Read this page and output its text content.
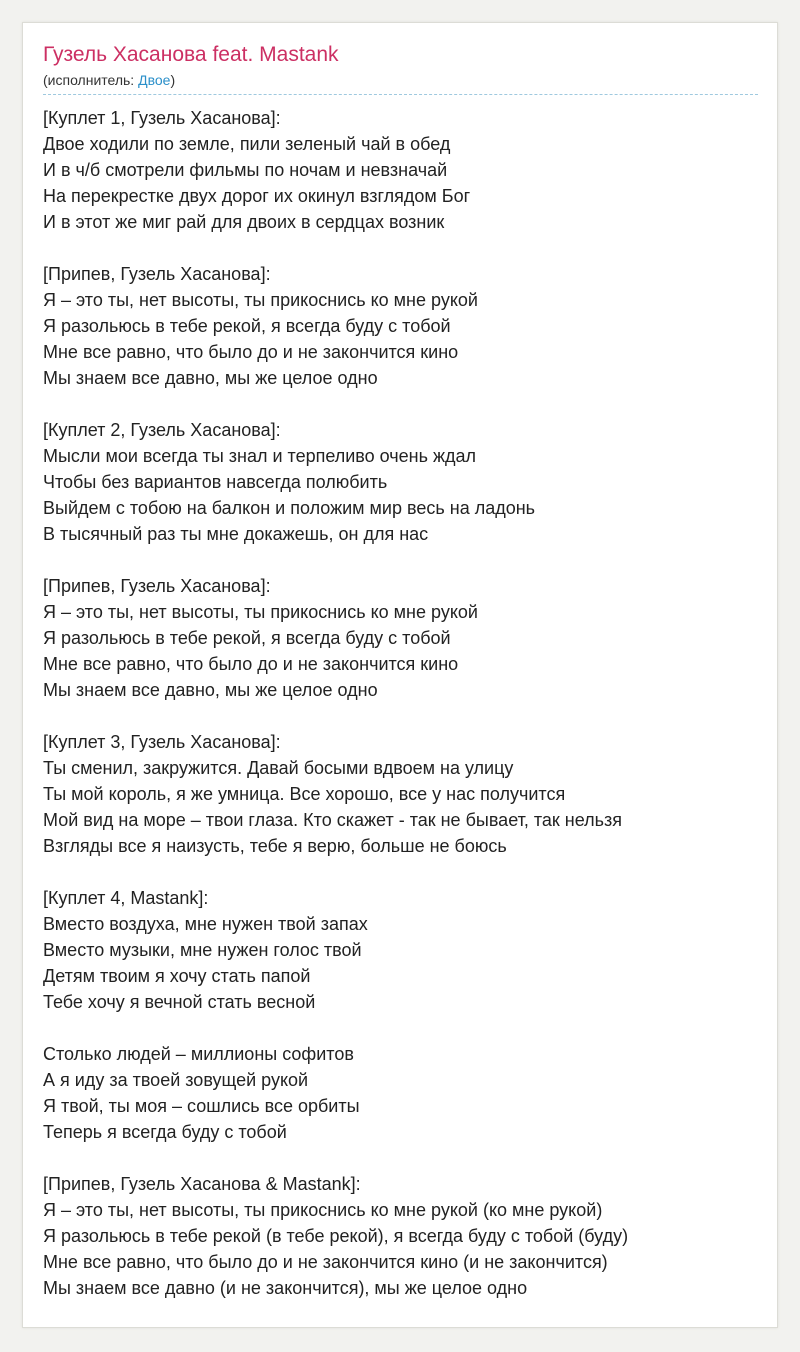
Гузель Хасанова feat. Mastank
(исполнитель: Двое)
[Куплет 1, Гузель Хасанова]:
Двое ходили по земле, пили зеленый чай в обед
И в ч/б смотрели фильмы по ночам и невзначай
На перекрестке двух дорог их окинул взглядом Бог
И в этот же миг рай для двоих в сердцах возник
[Припев, Гузель Хасанова]:
Я – это ты, нет высоты, ты прикоснись ко мне рукой
Я разольюсь в тебе рекой, я всегда буду с тобой
Мне все равно, что было до и не закончится кино
Мы знаем все давно, мы же целое одно
[Куплет 2, Гузель Хасанова]:
Мысли мои всегда ты знал и терпеливо очень ждал
Чтобы без вариантов навсегда полюбить
Выйдем с тобою на балкон и положим мир весь на ладонь
В тысячный раз ты мне докажешь, он для нас
[Припев, Гузель Хасанова]:
Я – это ты, нет высоты, ты прикоснись ко мне рукой
Я разольюсь в тебе рекой, я всегда буду с тобой
Мне все равно, что было до и не закончится кино
Мы знаем все давно, мы же целое одно
[Куплет 3, Гузель Хасанова]:
Ты сменил, закружится. Давай босыми вдвоем на улицу
Ты мой король, я же умница. Все хорошо, все у нас получится
Мой вид на море – твои глаза. Кто скажет - так не бывает, так нельзя
Взгляды все я наизусть, тебе я верю, больше не боюсь
[Куплет 4, Mastank]:
Вместо воздуха, мне нужен твой запах
Вместо музыки, мне нужен голос твой
Детям твоим я хочу стать папой
Тебе хочу я вечной стать весной
Столько людей – миллионы софитов
А я иду за твоей зовущей рукой
Я твой, ты моя – сошлись все орбиты
Теперь я всегда буду с тобой
[Припев, Гузель Хасанова & Mastank]:
Я – это ты, нет высоты, ты прикоснись ко мне рукой (ко мне рукой)
Я разольюсь в тебе рекой (в тебе рекой), я всегда буду с тобой (буду)
Мне все равно, что было до и не закончится кино (и не закончится)
Мы знаем все давно (и не закончится), мы же целое одно
